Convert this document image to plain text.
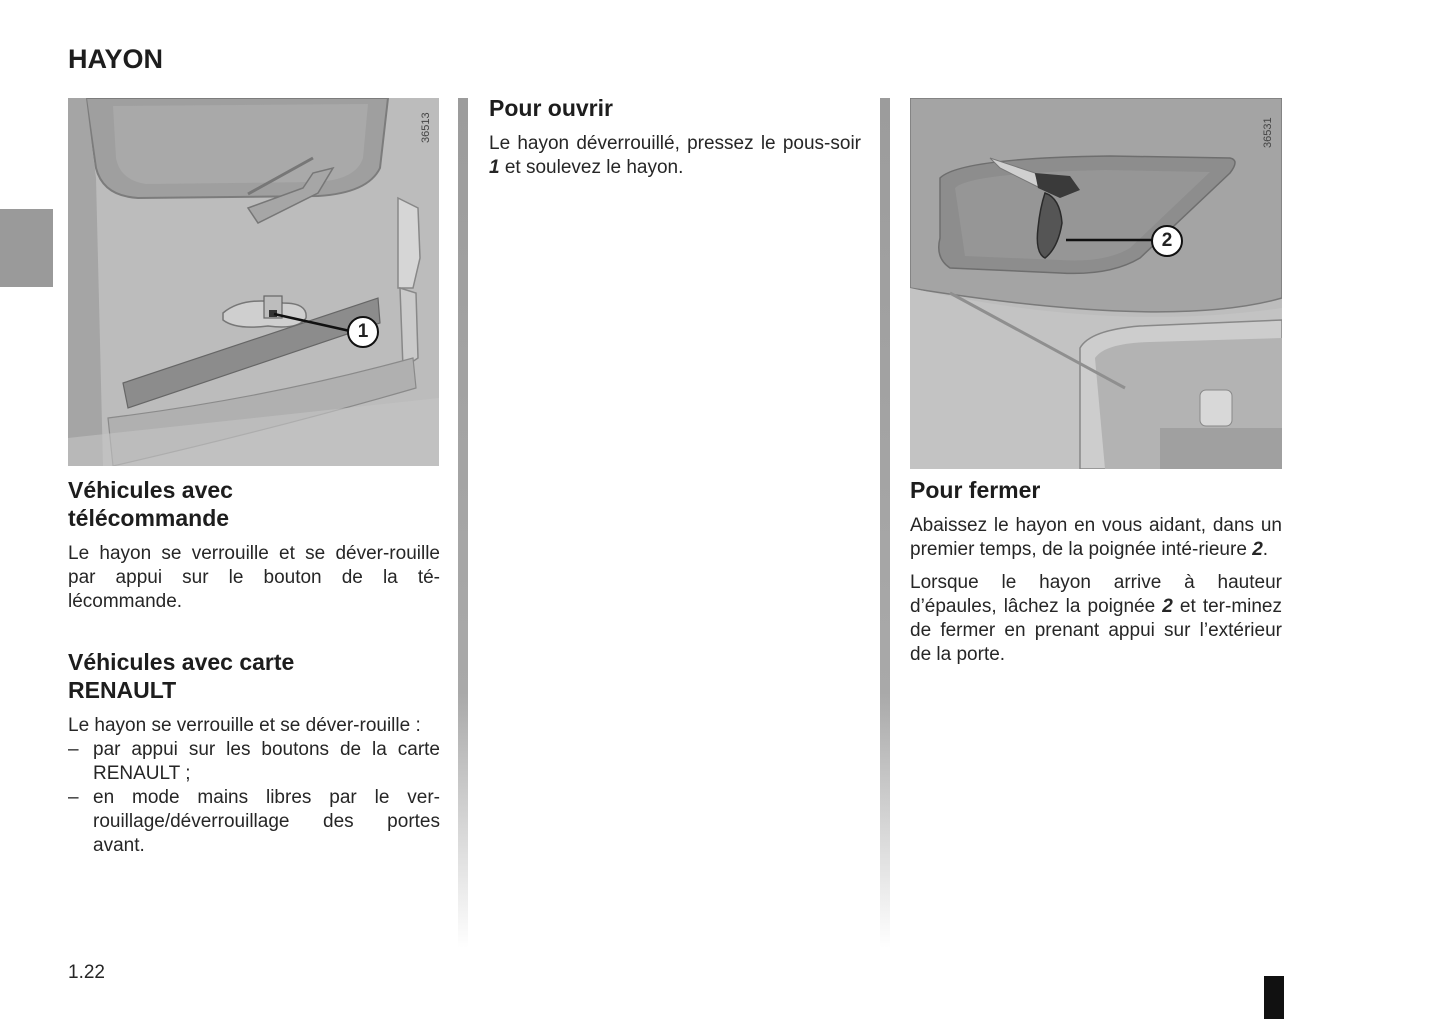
HAYON
36513
1
36531
2
Véhicules avec
télécommande

Le hayon se verrouille et se déver-rouille par appui sur le bouton de la té-lécommande.

Véhicules avec carte
RENAULT

Le hayon se verrouille et se déver-rouille :

– par appui sur les boutons de la carte RENAULT ;
– en mode mains libres par le ver-rouillage/déverrouillage des portes avant.
Pour ouvrir

Le hayon déverrouillé, pressez le pous-soir 1 et soulevez le hayon.

Pour fermer

Abaissez le hayon en vous aidant, dans un premier temps, de la poignée inté-rieure 2.

Lorsque le hayon arrive à hauteur d’épaules, lâchez la poignée 2 et ter-minez de fermer en prenant appui sur l’extérieur de la porte.

1.22
